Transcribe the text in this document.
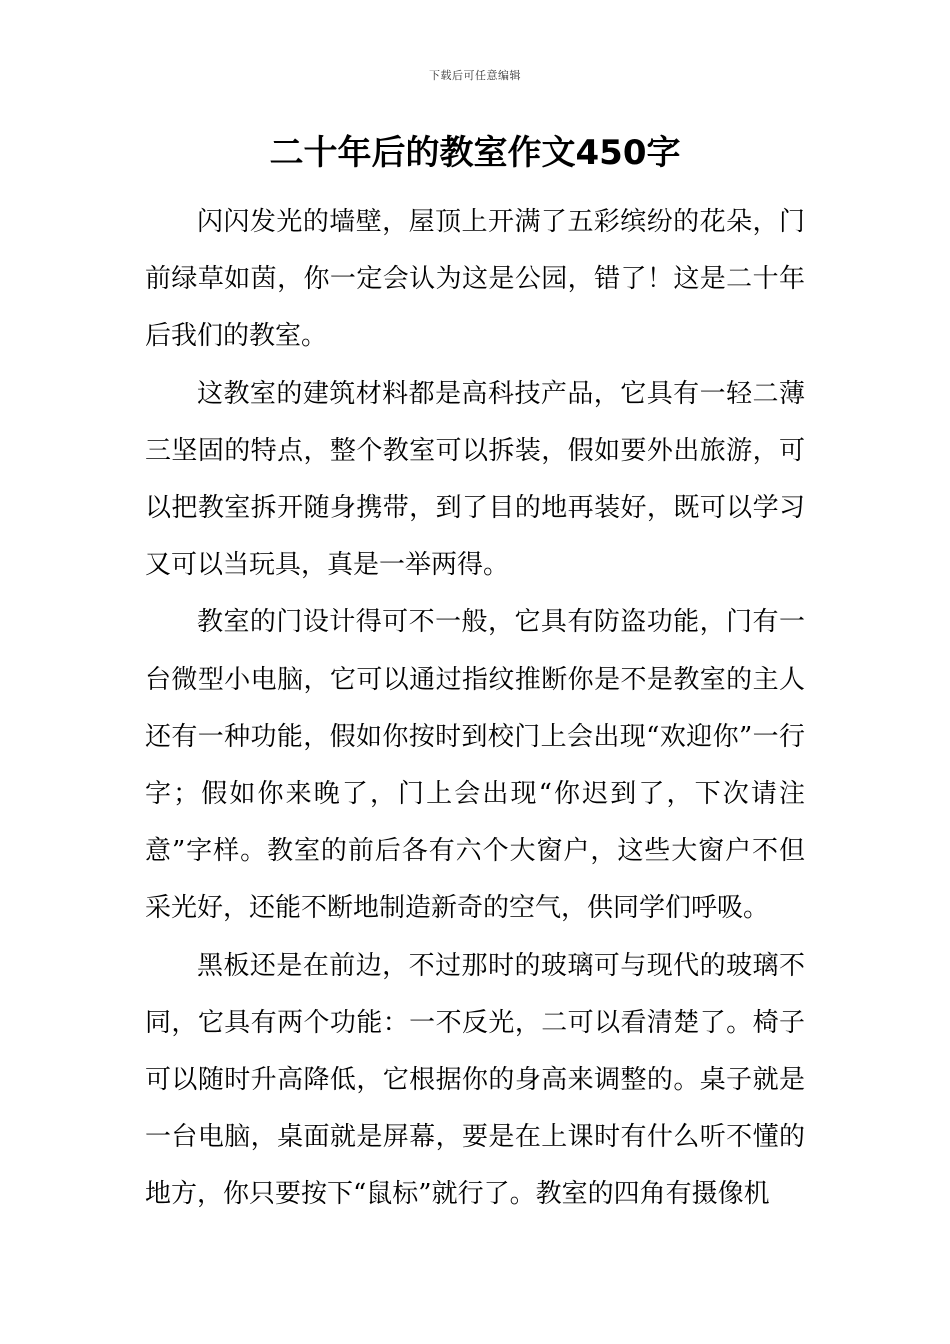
下载后可任意编辑
二十年后的教室作文450字

闪闪发光的墙壁，屋顶上开满了五彩缤纷的花朵，门前绿草如茵，你一定会认为这是公园，错了！这是二十年后我们的教室。

这教室的建筑材料都是高科技产品，它具有一轻二薄三坚固的特点，整个教室可以拆装，假如要外出旅游，可以把教室拆开随身携带，到了目的地再装好，既可以学习又可以当玩具，真是一举两得。

教室的门设计得可不一般，它具有防盗功能，门有一台微型小电脑，它可以通过指纹推断你是不是教室的主人还有一种功能，假如你按时到校门上会出现“欢迎你”一行字；假如你来晚了，门上会出现“你迟到了，下次请注意”字样。教室的前后各有六个大窗户，这些大窗户不但采光好，还能不断地制造新奇的空气，供同学们呼吸。

黑板还是在前边，不过那时的玻璃可与现代的玻璃不同，它具有两个功能：一不反光，二可以看清楚了。椅子可以随时升高降低，它根据你的身高来调整的。桌子就是一台电脑，桌面就是屏幕，要是在上课时有什么听不懂的地方，你只要按下“鼠标”就行了。教室的四角有摄像机
